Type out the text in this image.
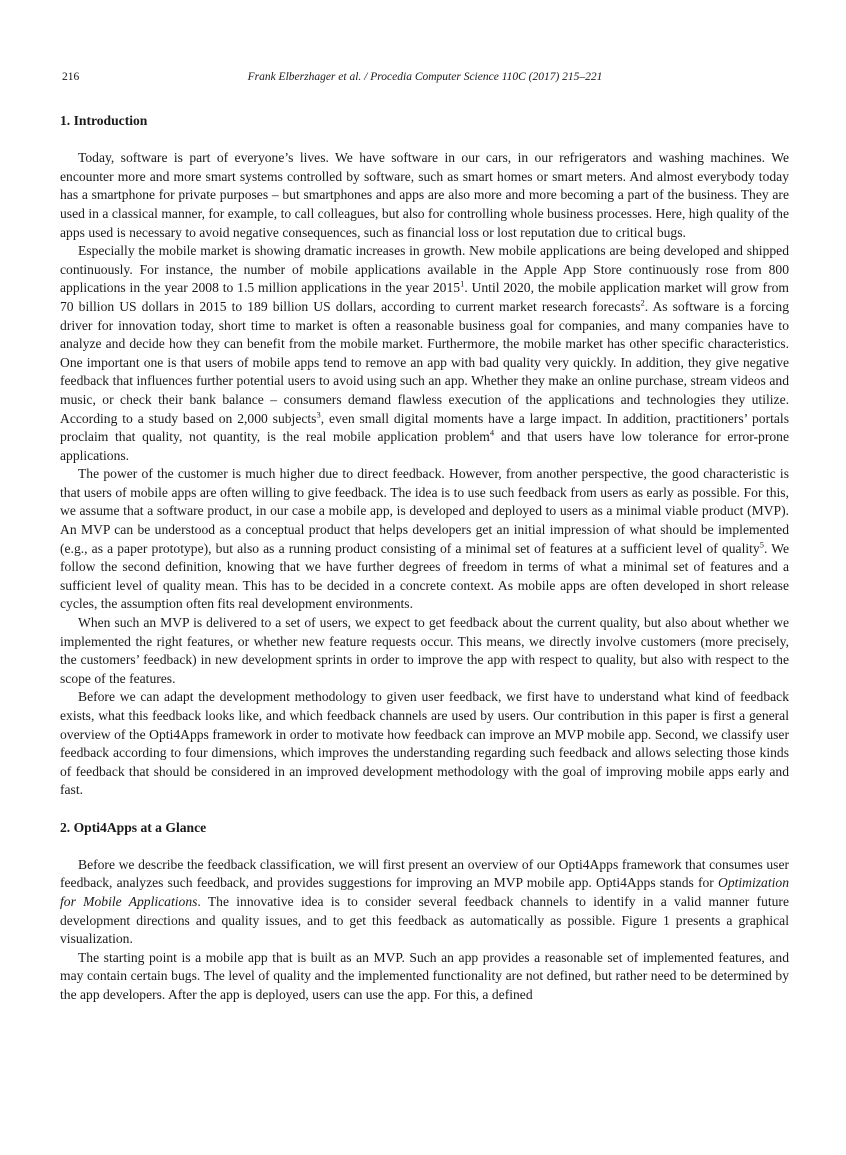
216	Frank Elberzhager et al. / Procedia Computer Science 110C (2017) 215–221
1. Introduction

Today, software is part of everyone’s lives. We have software in our cars, in our refrigerators and washing machines. We encounter more and more smart systems controlled by software, such as smart homes or smart meters. And almost everybody today has a smartphone for private purposes – but smartphones and apps are also more and more becoming a part of the business. They are used in a classical manner, for example, to call colleagues, but also for controlling whole business processes. Here, high quality of the apps used is necessary to avoid negative consequences, such as financial loss or lost reputation due to critical bugs.

Especially the mobile market is showing dramatic increases in growth. New mobile applications are being developed and shipped continuously. For instance, the number of mobile applications available in the Apple App Store continuously rose from 800 applications in the year 2008 to 1.5 million applications in the year 2015$^1$. Until 2020, the mobile application market will grow from 70 billion US dollars in 2015 to 189 billion US dollars, according to current market research forecasts$^2$. As software is a forcing driver for innovation today, short time to market is often a reasonable business goal for companies, and many companies have to analyze and decide how they can benefit from the mobile market. Furthermore, the mobile market has other specific characteristics. One important one is that users of mobile apps tend to remove an app with bad quality very quickly. In addition, they give negative feedback that influences further potential users to avoid using such an app. Whether they make an online purchase, stream videos and music, or check their bank balance – consumers demand flawless execution of the applications and technologies they utilize. According to a study based on 2,000 subjects$^3$, even small digital moments have a large impact. In addition, practitioners’ portals proclaim that quality, not quantity, is the real mobile application problem$^4$ and that users have low tolerance for error-prone applications.

The power of the customer is much higher due to direct feedback. However, from another perspective, the good characteristic is that users of mobile apps are often willing to give feedback. The idea is to use such feedback from users as early as possible. For this, we assume that a software product, in our case a mobile app, is developed and deployed to users as a minimal viable product (MVP). An MVP can be understood as a conceptual product that helps developers get an initial impression of what should be implemented (e.g., as a paper prototype), but also as a running product consisting of a minimal set of features at a sufficient level of quality$^5$. We follow the second definition, knowing that we have further degrees of freedom in terms of what a minimal set of features and a sufficient level of quality mean. This has to be decided in a concrete context. As mobile apps are often developed in short release cycles, the assumption often fits real development environments.

When such an MVP is delivered to a set of users, we expect to get feedback about the current quality, but also about whether we implemented the right features, or whether new feature requests occur. This means, we directly involve customers (more precisely, the customers’ feedback) in new development sprints in order to improve the app with respect to quality, but also with respect to the scope of the features.

Before we can adapt the development methodology to given user feedback, we first have to understand what kind of feedback exists, what this feedback looks like, and which feedback channels are used by users. Our contribution in this paper is first a general overview of the Opti4Apps framework in order to motivate how feedback can improve an MVP mobile app. Second, we classify user feedback according to four dimensions, which improves the understanding regarding such feedback and allows selecting those kinds of feedback that should be considered in an improved development methodology with the goal of improving mobile apps early and fast.

2. Opti4Apps at a Glance

Before we describe the feedback classification, we will first present an overview of our Opti4Apps framework that consumes user feedback, analyzes such feedback, and provides suggestions for improving an MVP mobile app. Opti4Apps stands for Optimization for Mobile Applications. The innovative idea is to consider several feedback channels to identify in a valid manner future development directions and quality issues, and to get this feedback as automatically as possible. Figure 1 presents a graphical visualization.

The starting point is a mobile app that is built as an MVP. Such an app provides a reasonable set of implemented features, and may contain certain bugs. The level of quality and the implemented functionality are not defined, but rather need to be determined by the app developers. After the app is deployed, users can use the app. For this, a defined
